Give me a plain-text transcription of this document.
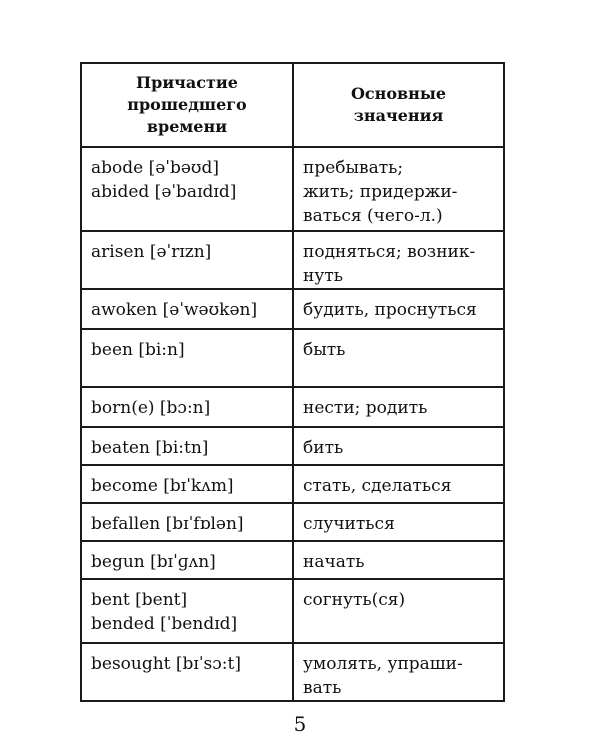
Причастие
прошедшего
времени	Основные
значения

abode [əˈbəʊd]
abided [əˈbaɪdɪd]	пребывать;
жить; придержи-
ваться (чего-л.)

arisen [əˈrɪzn]	подняться; возник-
нуть

awoken [əˈwəʊkən]	будить, проснуться

been [bi:n]	быть

born(e) [bɔ:n]	нести; родить

beaten [bi:tn]	бить

become [bɪˈkʌm]	стать, сделаться

befallen [bɪˈfɒlən]	случиться

begun [bɪˈɡʌn]	начать

bent [bent]
bended [ˈbendɪd]	согнуть(ся)

besought [bɪˈsɔ:t]	умолять, упраши-
вать
5
